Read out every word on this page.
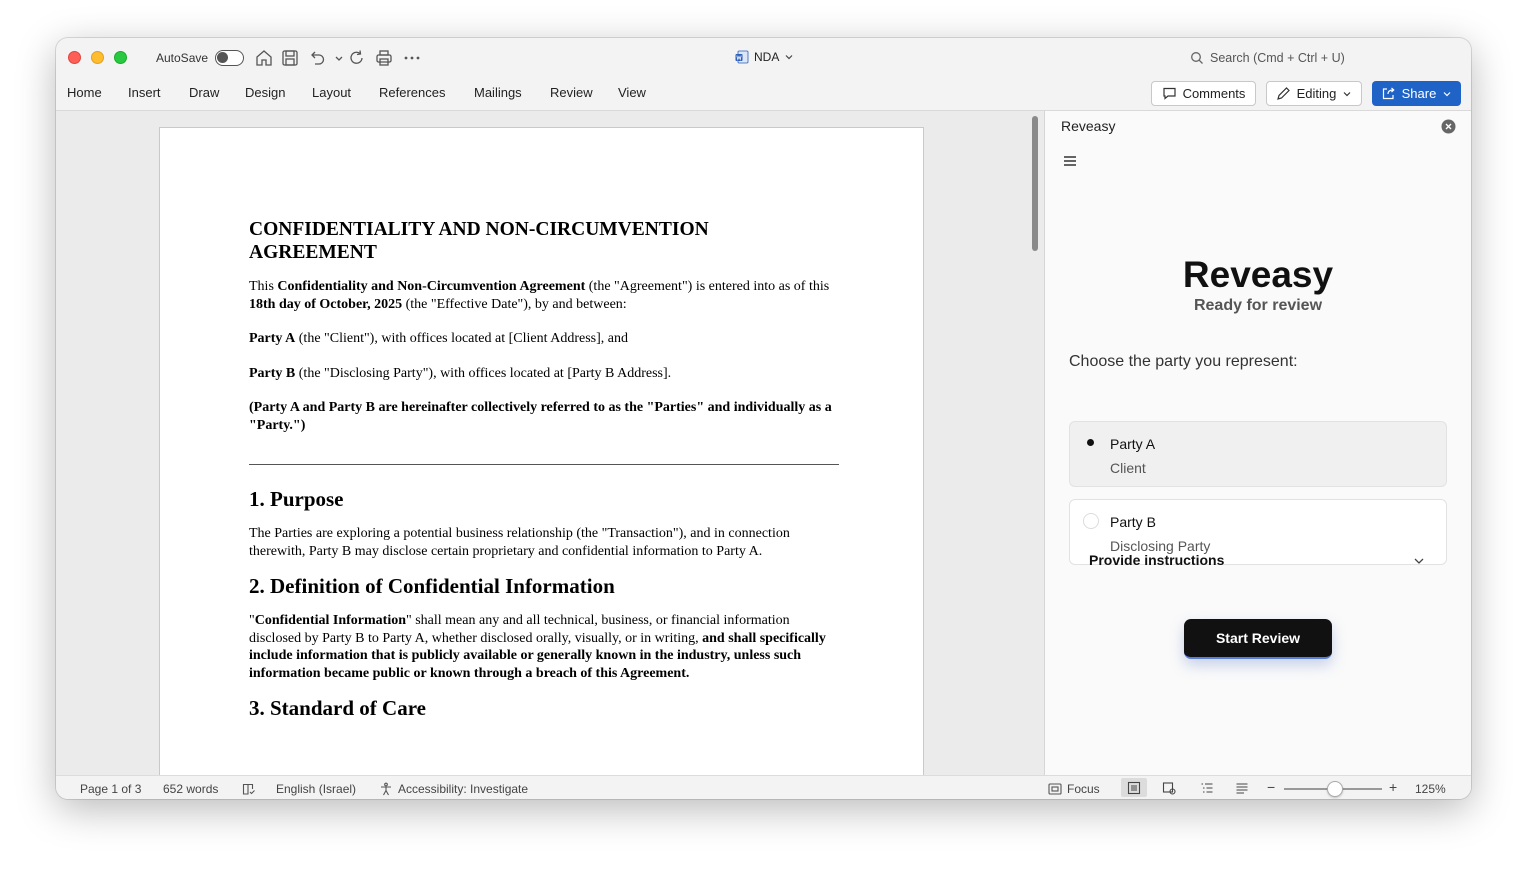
AutoSave	NDA	Search (Cmd + Ctrl + U)
Home Insert Draw Design Layout References Mailings Review View	Comments	Editing	Share
CONFIDENTIALITY AND NON-CIRCUMVENTION AGREEMENT

This Confidentiality and Non-Circumvention Agreement (the "Agreement") is entered into as of this 18th day of October, 2025 (the "Effective Date"), by and between:

Party A (the "Client"), with offices located at [Client Address], and

Party B (the "Disclosing Party"), with offices located at [Party B Address].

(Party A and Party B are hereinafter collectively referred to as the "Parties" and individually as a "Party.")

1. Purpose

The Parties are exploring a potential business relationship (the "Transaction"), and in connection therewith, Party B may disclose certain proprietary and confidential information to Party A.

2. Definition of Confidential Information

"Confidential Information" shall mean any and all technical, business, or financial information disclosed by Party B to Party A, whether disclosed orally, visually, or in writing, and shall specifically include information that is publicly available or generally known in the industry, unless such information became public or known through a breach of this Agreement.

3. Standard of Care
Reveasy
Reveasy
Ready for review
Choose the party you represent:
Party A
Client
Party B
Disclosing Party
Provide instructions
Start Review
Page 1 of 3 652 words	English (Israel)	Accessibility: Investigate	Focus	−	+ 125%
